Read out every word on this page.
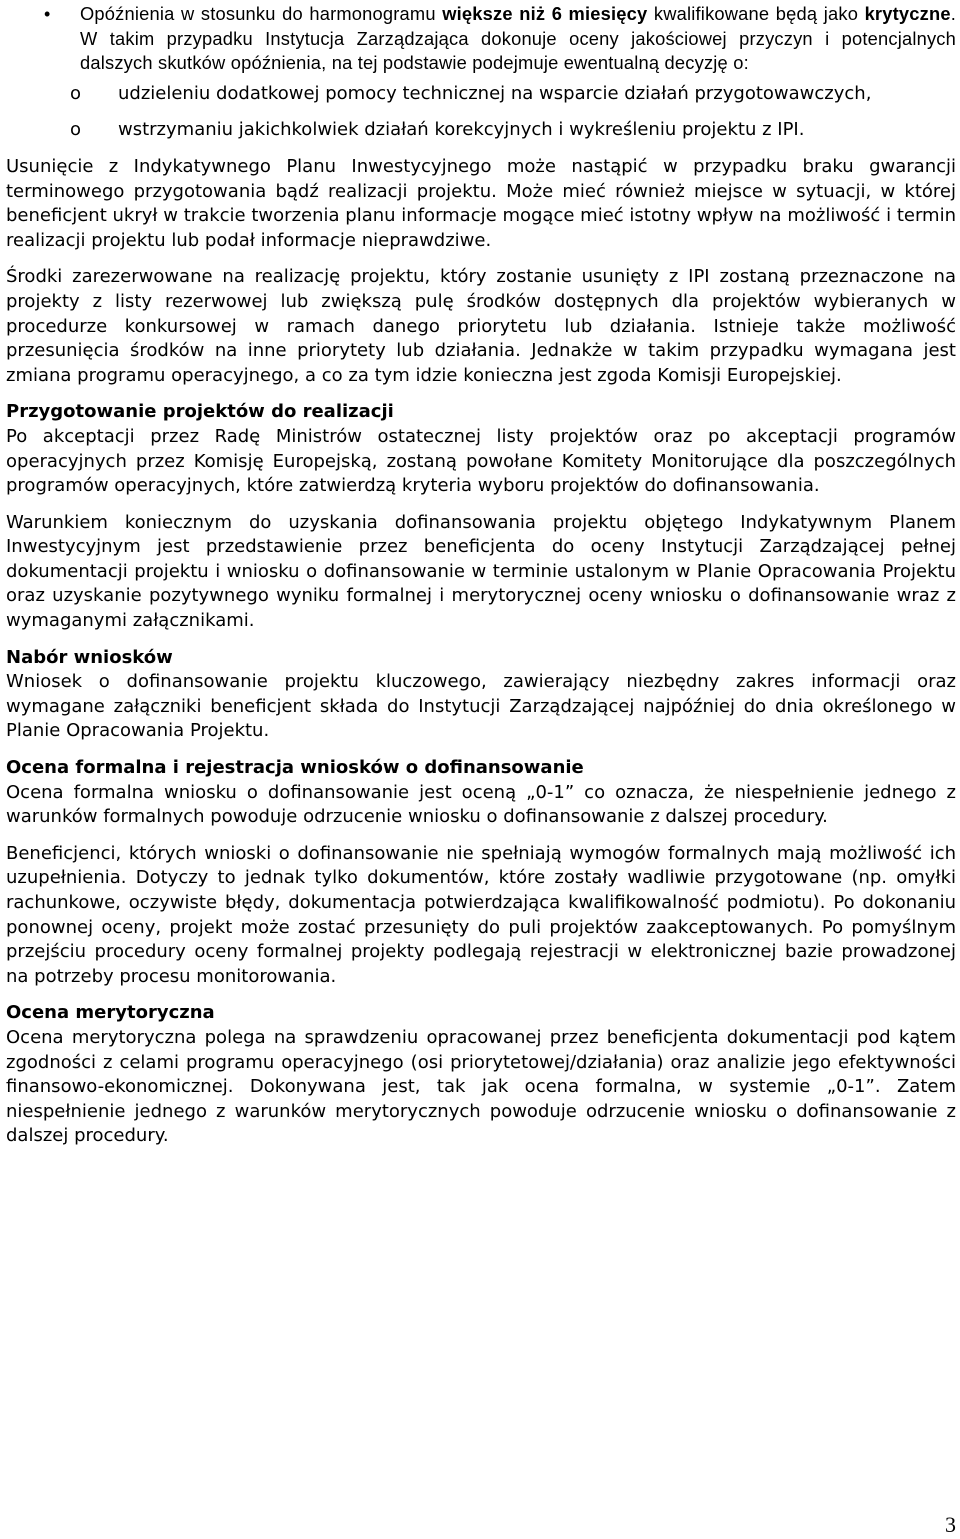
• Opóźnienia w stosunku do harmonogramu większe niż 6 miesięcy kwalifikowane będą jako krytyczne. W takim przypadku Instytucja Zarządzająca dokonuje oceny jakościowej przyczyn i potencjalnych dalszych skutków opóźnienia, na tej podstawie podejmuje ewentualną decyzję o:
o udzieleniu dodatkowej pomocy technicznej na wsparcie działań przygotowawczych,
o wstrzymaniu jakichkolwiek działań korekcyjnych i wykreśleniu projektu z IPI.

Usunięcie z Indykatywnego Planu Inwestycyjnego może nastąpić w przypadku braku gwarancji terminowego przygotowania bądź realizacji projektu. Może mieć również miejsce w sytuacji, w której beneficjent ukrył w trakcie tworzenia planu informacje mogące mieć istotny wpływ na możliwość i termin realizacji projektu lub podał informacje nieprawdziwe.

Środki zarezerwowane na realizację projektu, który zostanie usunięty z IPI zostaną przeznaczone na projekty z listy rezerwowej lub zwiększą pulę środków dostępnych dla projektów wybieranych w procedurze konkursowej w ramach danego priorytetu lub działania. Istnieje także możliwość przesunięcia środków na inne priorytety lub działania. Jednakże w takim przypadku wymagana jest zmiana programu operacyjnego, a co za tym idzie konieczna jest zgoda Komisji Europejskiej.

Przygotowanie projektów do realizacji

Po akceptacji przez Radę Ministrów ostatecznej listy projektów oraz po akceptacji programów operacyjnych przez Komisję Europejską, zostaną powołane Komitety Monitorujące dla poszczególnych programów operacyjnych, które zatwierdzą kryteria wyboru projektów do dofinansowania.

Warunkiem koniecznym do uzyskania dofinansowania projektu objętego Indykatywnym Planem Inwestycyjnym jest przedstawienie przez beneficjenta do oceny Instytucji Zarządzającej pełnej dokumentacji projektu i wniosku o dofinansowanie w terminie ustalonym w Planie Opracowania Projektu oraz uzyskanie pozytywnego wyniku formalnej i merytorycznej oceny wniosku o dofinansowanie wraz z wymaganymi załącznikami.

Nabór wniosków

Wniosek o dofinansowanie projektu kluczowego, zawierający niezbędny zakres informacji oraz wymagane załączniki beneficjent składa do Instytucji Zarządzającej najpóźniej do dnia określonego w Planie Opracowania Projektu.

Ocena formalna i rejestracja wniosków o dofinansowanie

Ocena formalna wniosku o dofinansowanie jest oceną „0-1” co oznacza, że niespełnienie jednego z warunków formalnych powoduje odrzucenie wniosku o dofinansowanie z dalszej procedury.

Beneficjenci, których wnioski o dofinansowanie nie spełniają wymogów formalnych mają możliwość ich uzupełnienia. Dotyczy to jednak tylko dokumentów, które zostały wadliwie przygotowane (np. omyłki rachunkowe, oczywiste błędy, dokumentacja potwierdzająca kwalifikowalność podmiotu). Po dokonaniu ponownej oceny, projekt może zostać przesunięty do puli projektów zaakceptowanych. Po pomyślnym przejściu procedury oceny formalnej projekty podlegają rejestracji w elektronicznej bazie prowadzonej na potrzeby procesu monitorowania.

Ocena merytoryczna

Ocena merytoryczna polega na sprawdzeniu opracowanej przez beneficjenta dokumentacji pod kątem zgodności z celami programu operacyjnego (osi priorytetowej/działania) oraz analizie jego efektywności finansowo-ekonomicznej. Dokonywana jest, tak jak ocena formalna, w systemie „0-1”. Zatem niespełnienie jednego z warunków merytorycznych powoduje odrzucenie wniosku o dofinansowanie z dalszej procedury.

3
